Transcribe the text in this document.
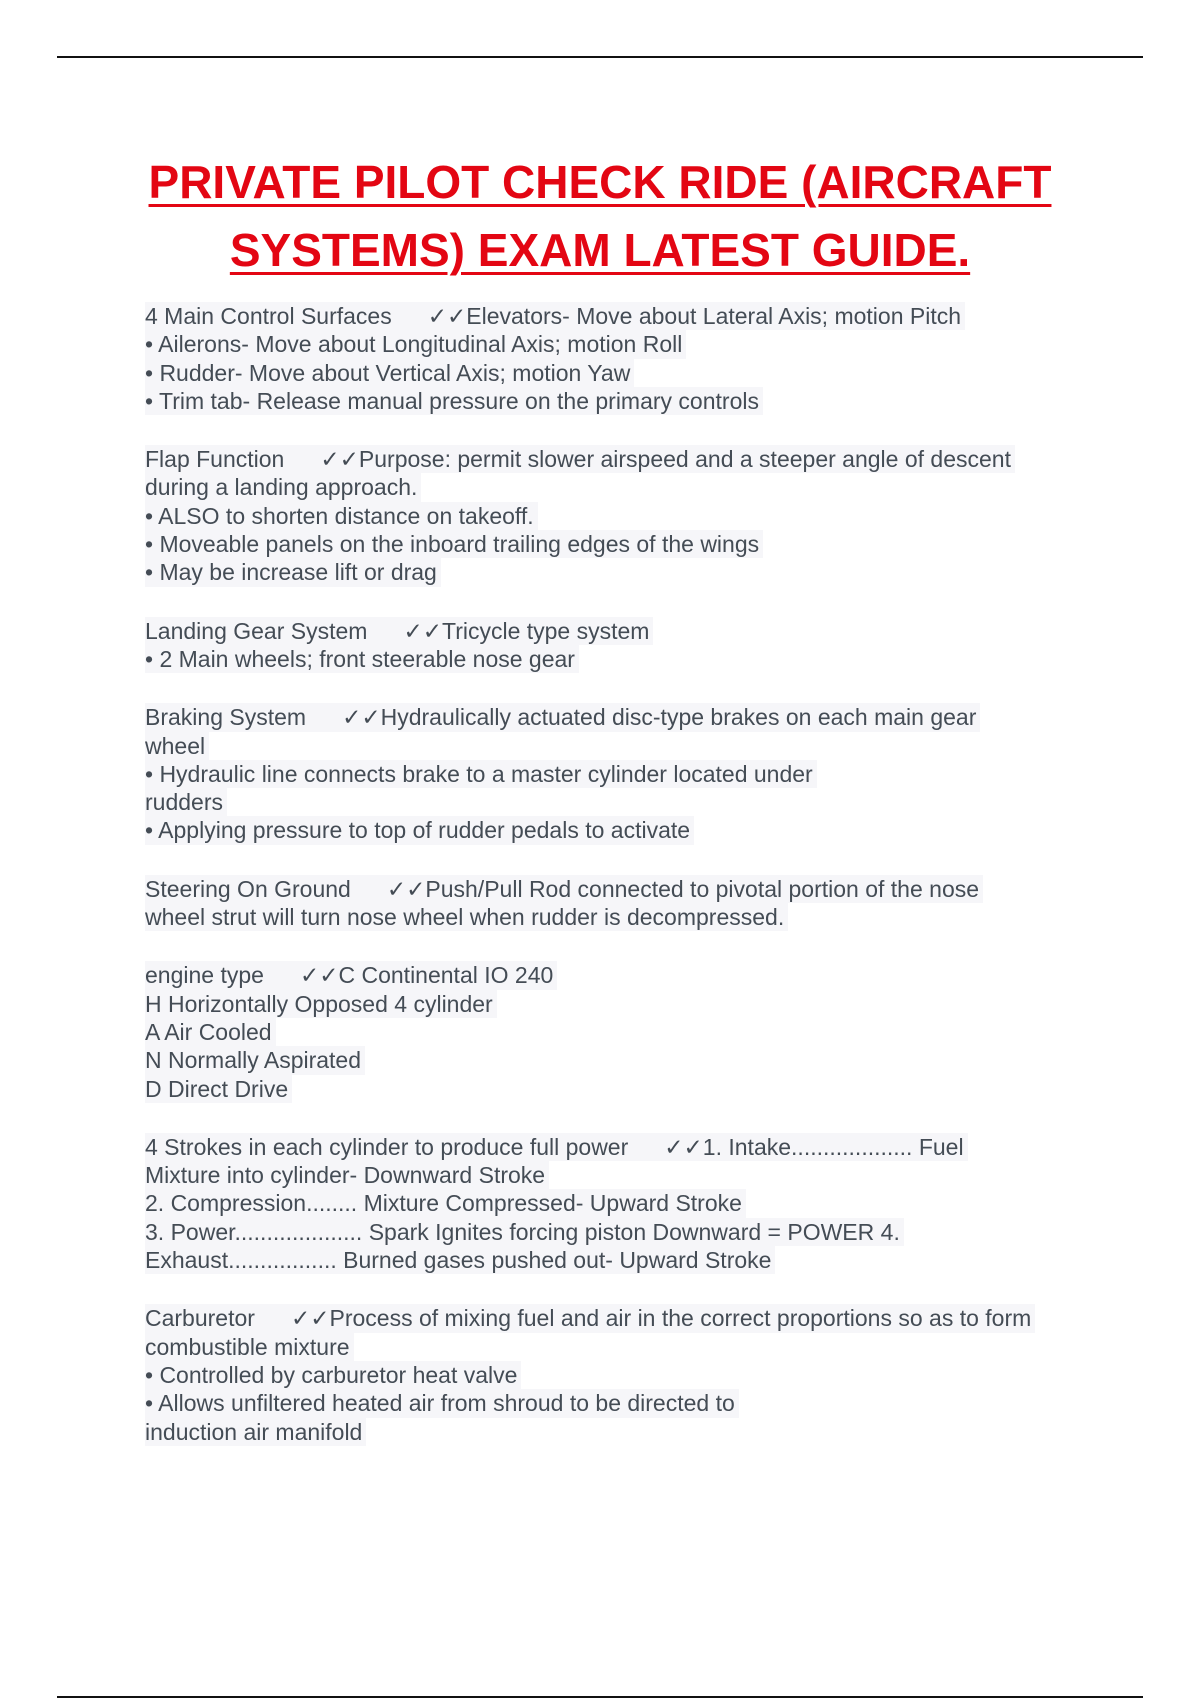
PRIVATE PILOT CHECK RIDE (AIRCRAFT
SYSTEMS) EXAM LATEST GUIDE.
4 Main Control Surfaces ✓✓Elevators- Move about Lateral Axis; motion Pitch
• Ailerons- Move about Longitudinal Axis; motion Roll
• Rudder- Move about Vertical Axis; motion Yaw
• Trim tab- Release manual pressure on the primary controls
Flap Function ✓✓Purpose: permit slower airspeed and a steeper angle of descent
during a landing approach.
• ALSO to shorten distance on takeoff.
• Moveable panels on the inboard trailing edges of the wings
• May be increase lift or drag
Landing Gear System ✓✓Tricycle type system
• 2 Main wheels; front steerable nose gear
Braking System ✓✓Hydraulically actuated disc-type brakes on each main gear
wheel
• Hydraulic line connects brake to a master cylinder located under
rudders
• Applying pressure to top of rudder pedals to activate
Steering On Ground ✓✓Push/Pull Rod connected to pivotal portion of the nose
wheel strut will turn nose wheel when rudder is decompressed.
engine type ✓✓C Continental IO 240
H Horizontally Opposed 4 cylinder
A Air Cooled
N Normally Aspirated
D Direct Drive
4 Strokes in each cylinder to produce full power ✓✓1. Intake................... Fuel
Mixture into cylinder- Downward Stroke
2. Compression........ Mixture Compressed- Upward Stroke
3. Power.................... Spark Ignites forcing piston Downward = POWER 4.
Exhaust................. Burned gases pushed out- Upward Stroke
Carburetor ✓✓Process of mixing fuel and air in the correct proportions so as to form
combustible mixture
• Controlled by carburetor heat valve
• Allows unfiltered heated air from shroud to be directed to
induction air manifold
